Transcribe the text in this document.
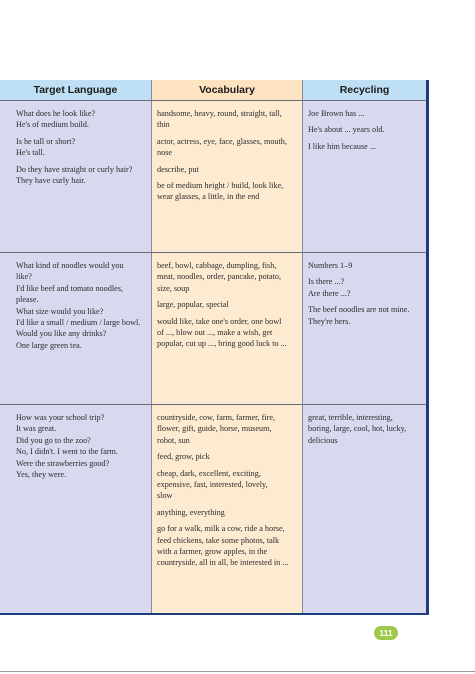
Target Language	Vocabulary	Recycling
What does he look like?
He's of medium build.
Is he tall or short?
He's tall.
Do they have straight or curly hair?
They have curly hair.
handsome, heavy, round, straight, tall,
thin
actor, actress, eye, face, glasses, mouth,
nose
describe, put
be of medium height / build, look like,
wear glasses, a little, in the end
Joe Brown has ...
He's about ... years old.
I like him because ...
What kind of noodles would you
like?
I'd like beef and tomato noodles,
please.
What size would you like?
I'd like a small / medium / large bowl.
Would you like any drinks?
One large green tea.
beef, bowl, cabbage, dumpling, fish,
meat, noodles, order, pancake, potato,
size, soup
large, popular, special
would like, take one's order, one bowl
of ..., blow out ..., make a wish, get
popular, cut up ..., bring good luck to ...
Numbers 1–9
Is there ...?
Are there ...?
The beef noodles are not mine.
They're hers.
How was your school trip?
It was great.
Did you go to the zoo?
No, I didn't. I went to the farm.
Were the strawberries good?
Yes, they were.
countryside, cow, farm, farmer, fire,
flower, gift, guide, horse, museum,
robot, sun
feed, grow, pick
cheap, dark, excellent, exciting,
expensive, fast, interested, lovely,
slow
anything, everything
go for a walk, milk a cow, ride a horse,
feed chickens, take some photos, talk
with a farmer, grow apples, in the
countryside, all in all, be interested in ...
great, terrible, interesting,
boring, large, cool, hot, lucky,
delicious
111
